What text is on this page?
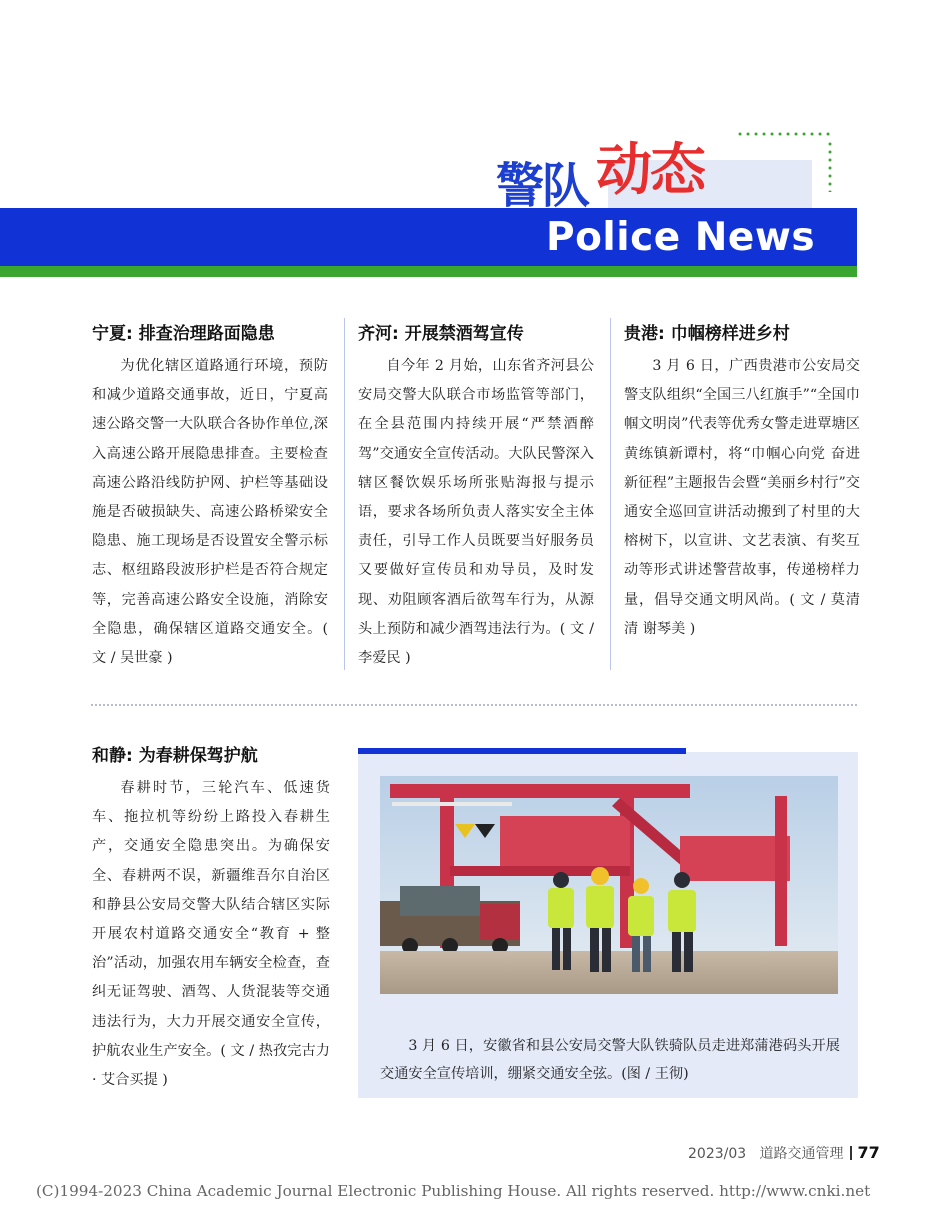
警队 动态
Police News
宁夏: 排查治理路面隐患

为优化辖区道路通行环境，预防和减少道路交通事故，近日，宁夏高速公路交警一大队联合各协作单位,深入高速公路开展隐患排查。主要检查高速公路沿线防护网、护栏等基础设施是否破损缺失、高速公路桥梁安全隐患、施工现场是否设置安全警示标志、枢纽路段波形护栏是否符合规定等，完善高速公路安全设施，消除安全隐患，确保辖区道路交通安全。( 文 / 吴世豪 )

齐河: 开展禁酒驾宣传

自今年 2 月始，山东省齐河县公安局交警大队联合市场监管等部门，在全县范围内持续开展“严禁酒醉驾”交通安全宣传活动。大队民警深入辖区餐饮娱乐场所张贴海报与提示语，要求各场所负责人落实安全主体责任，引导工作人员既要当好服务员又要做好宣传员和劝导员，及时发现、劝阻顾客酒后欲驾车行为，从源头上预防和减少酒驾违法行为。( 文 / 李爱民 )

贵港: 巾帼榜样进乡村

3 月 6 日，广西贵港市公安局交警支队组织“全国三八红旗手”“全国巾帼文明岗”代表等优秀女警走进覃塘区黄练镇新谭村，将“巾帼心向党 奋进新征程”主题报告会暨“美丽乡村行”交通安全巡回宣讲活动搬到了村里的大榕树下，以宣讲、文艺表演、有奖互动等形式讲述警营故事，传递榜样力量，倡导交通文明风尚。( 文 / 莫清清 谢琴美 )

和静: 为春耕保驾护航

春耕时节，三轮汽车、低速货车、拖拉机等纷纷上路投入春耕生产，交通安全隐患突出。为确保安全、春耕两不误，新疆维吾尔自治区和静县公安局交警大队结合辖区实际开展农村道路交通安全“教育 + 整治”活动，加强农用车辆安全检查，查纠无证驾驶、酒驾、人货混装等交通违法行为，大力开展交通安全宣传，护航农业生产安全。( 文 / 热孜完古力 · 艾合买提 )

3 月 6 日，安徽省和县公安局交警大队铁骑队员走进郑蒲港码头开展交通安全宣传培训，绷紧交通安全弦。(图 / 王彻)

2023/03 道路交通管理 77
(C)1994-2023 China Academic Journal Electronic Publishing House. All rights reserved. http://www.cnki.net
